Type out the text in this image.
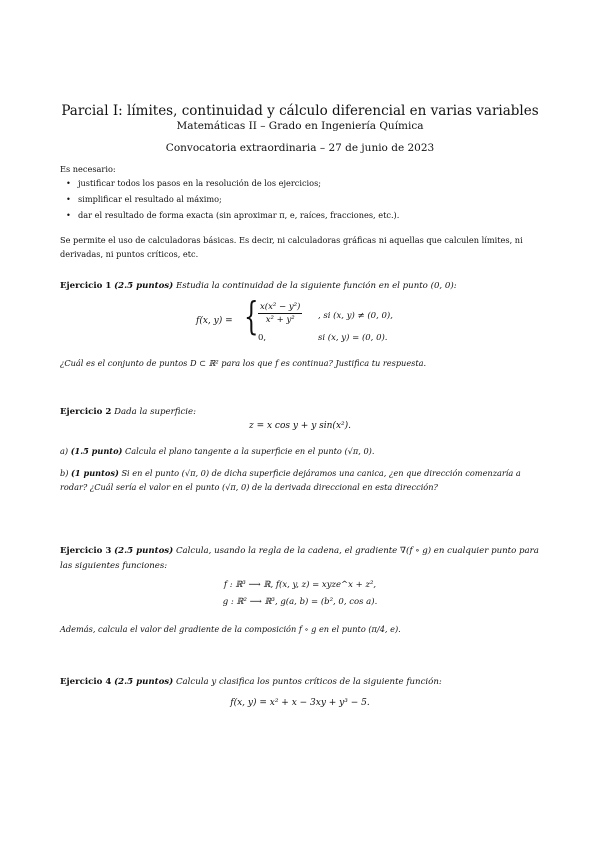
Parcial I: límites, continuidad y cálculo diferencial en varias variables
Matemáticas II – Grado en Ingeniería Química
Convocatoria extraordinaria – 27 de junio de 2023
Es necesario:
• justificar todos los pasos en la resolución de los ejercicios;
• simplificar el resultado al máximo;
• dar el resultado de forma exacta (sin aproximar π, e, raíces, fracciones, etc.).
Se permite el uso de calculadoras básicas. Es decir, ni calculadoras gráficas ni aquellas que calculen límites, ni derivadas, ni puntos críticos, etc.
Ejercicio 1 (2.5 puntos) Estudia la continuidad de la siguiente función en el punto (0, 0):
f(x, y) = { x(x² − y²)
x² + y²	, si (x, y) ≠ (0, 0),
0,	si (x, y) = (0, 0).
¿Cuál es el conjunto de puntos D ⊂ ℝ² para los que f es continua? Justifica tu respuesta.
Ejercicio 2 Dada la superficie:
z = x cos y + y sin(x²).
a) (1.5 punto) Calcula el plano tangente a la superficie en el punto (√π, 0).
b) (1 puntos) Si en el punto (√π, 0) de dicha superficie dejáramos una canica, ¿en que dirección comenzaría a rodar? ¿Cuál sería el valor en el punto (√π, 0) de la derivada direccional en esta dirección?
Ejercicio 3 (2.5 puntos) Calcula, usando la regla de la cadena, el gradiente ∇(f ∘ g) en cualquier punto para las siguientes funciones:
f : ℝ³ ⟶ ℝ, f(x, y, z) = xyze^x + z²,
g : ℝ² ⟶ ℝ³, g(a, b) = (b², 0, cos a).
Además, calcula el valor del gradiente de la composición f ∘ g en el punto (π/4, e).
Ejercicio 4 (2.5 puntos) Calcula y clasifica los puntos críticos de la siguiente función:
f(x, y) = x² + x − 3xy + y³ − 5.
